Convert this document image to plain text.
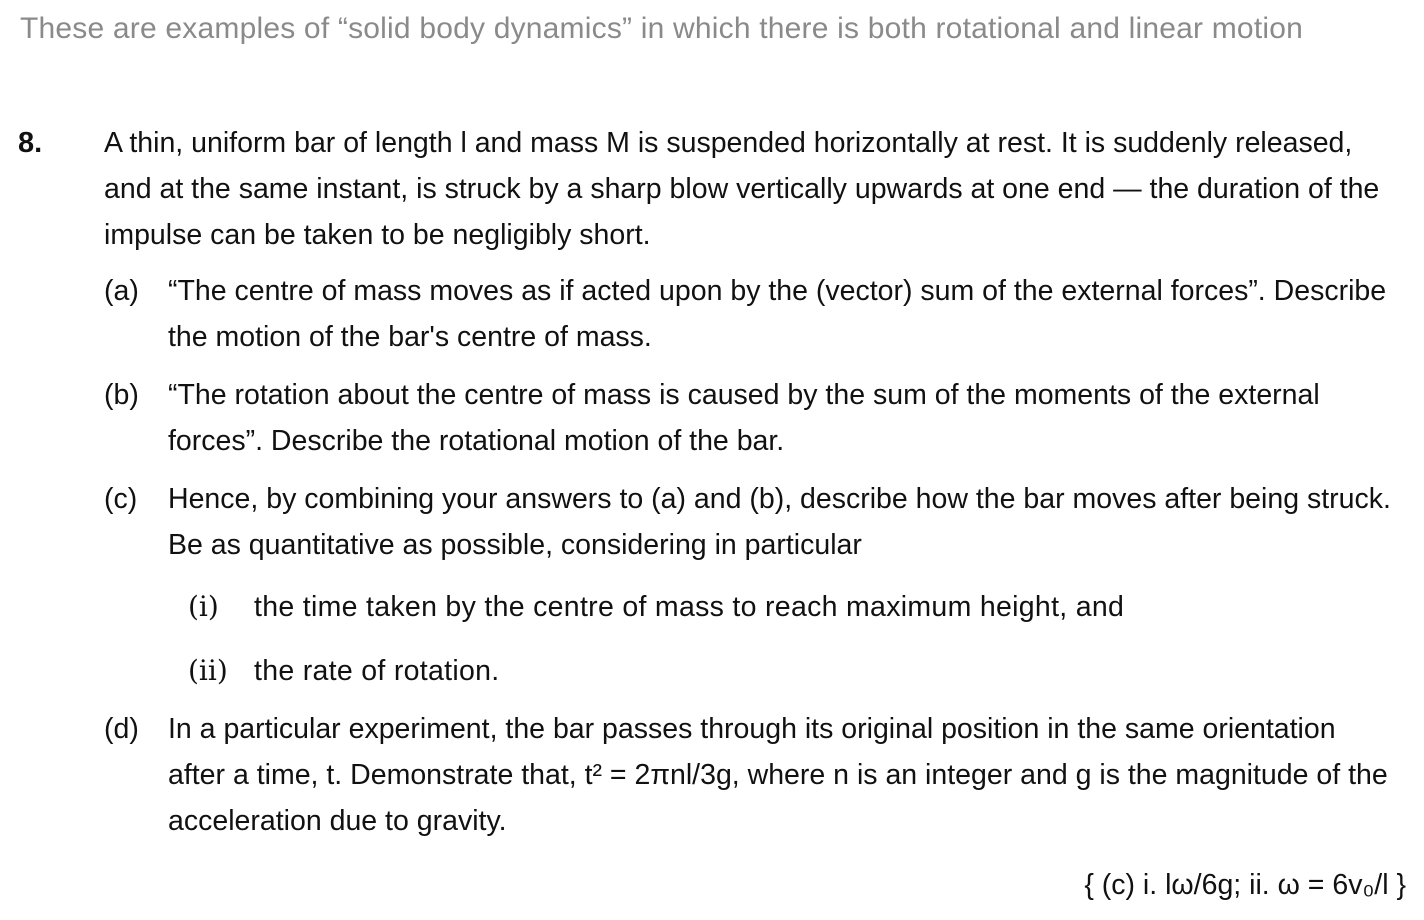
These are examples of “solid body dynamics” in which there is both rotational and linear motion
8. A thin, uniform bar of length l and mass M is suspended horizontally at rest. It is suddenly released, and at the same instant, is struck by a sharp blow vertically upwards at one end — the duration of the impulse can be taken to be negligibly short.
(a) “The centre of mass moves as if acted upon by the (vector) sum of the external forces”. Describe the motion of the bar's centre of mass.
(b) “The rotation about the centre of mass is caused by the sum of the moments of the external forces”. Describe the rotational motion of the bar.
(c) Hence, by combining your answers to (a) and (b), describe how the bar moves after being struck. Be as quantitative as possible, considering in particular
(i) the time taken by the centre of mass to reach maximum height, and
(ii) the rate of rotation.
(d) In a particular experiment, the bar passes through its original position in the same orientation after a time, t. Demonstrate that, t² = 2πnl/3g, where n is an integer and g is the magnitude of the acceleration due to gravity.
{ (c) i. lω/6g; ii. ω = 6v₀/l }
